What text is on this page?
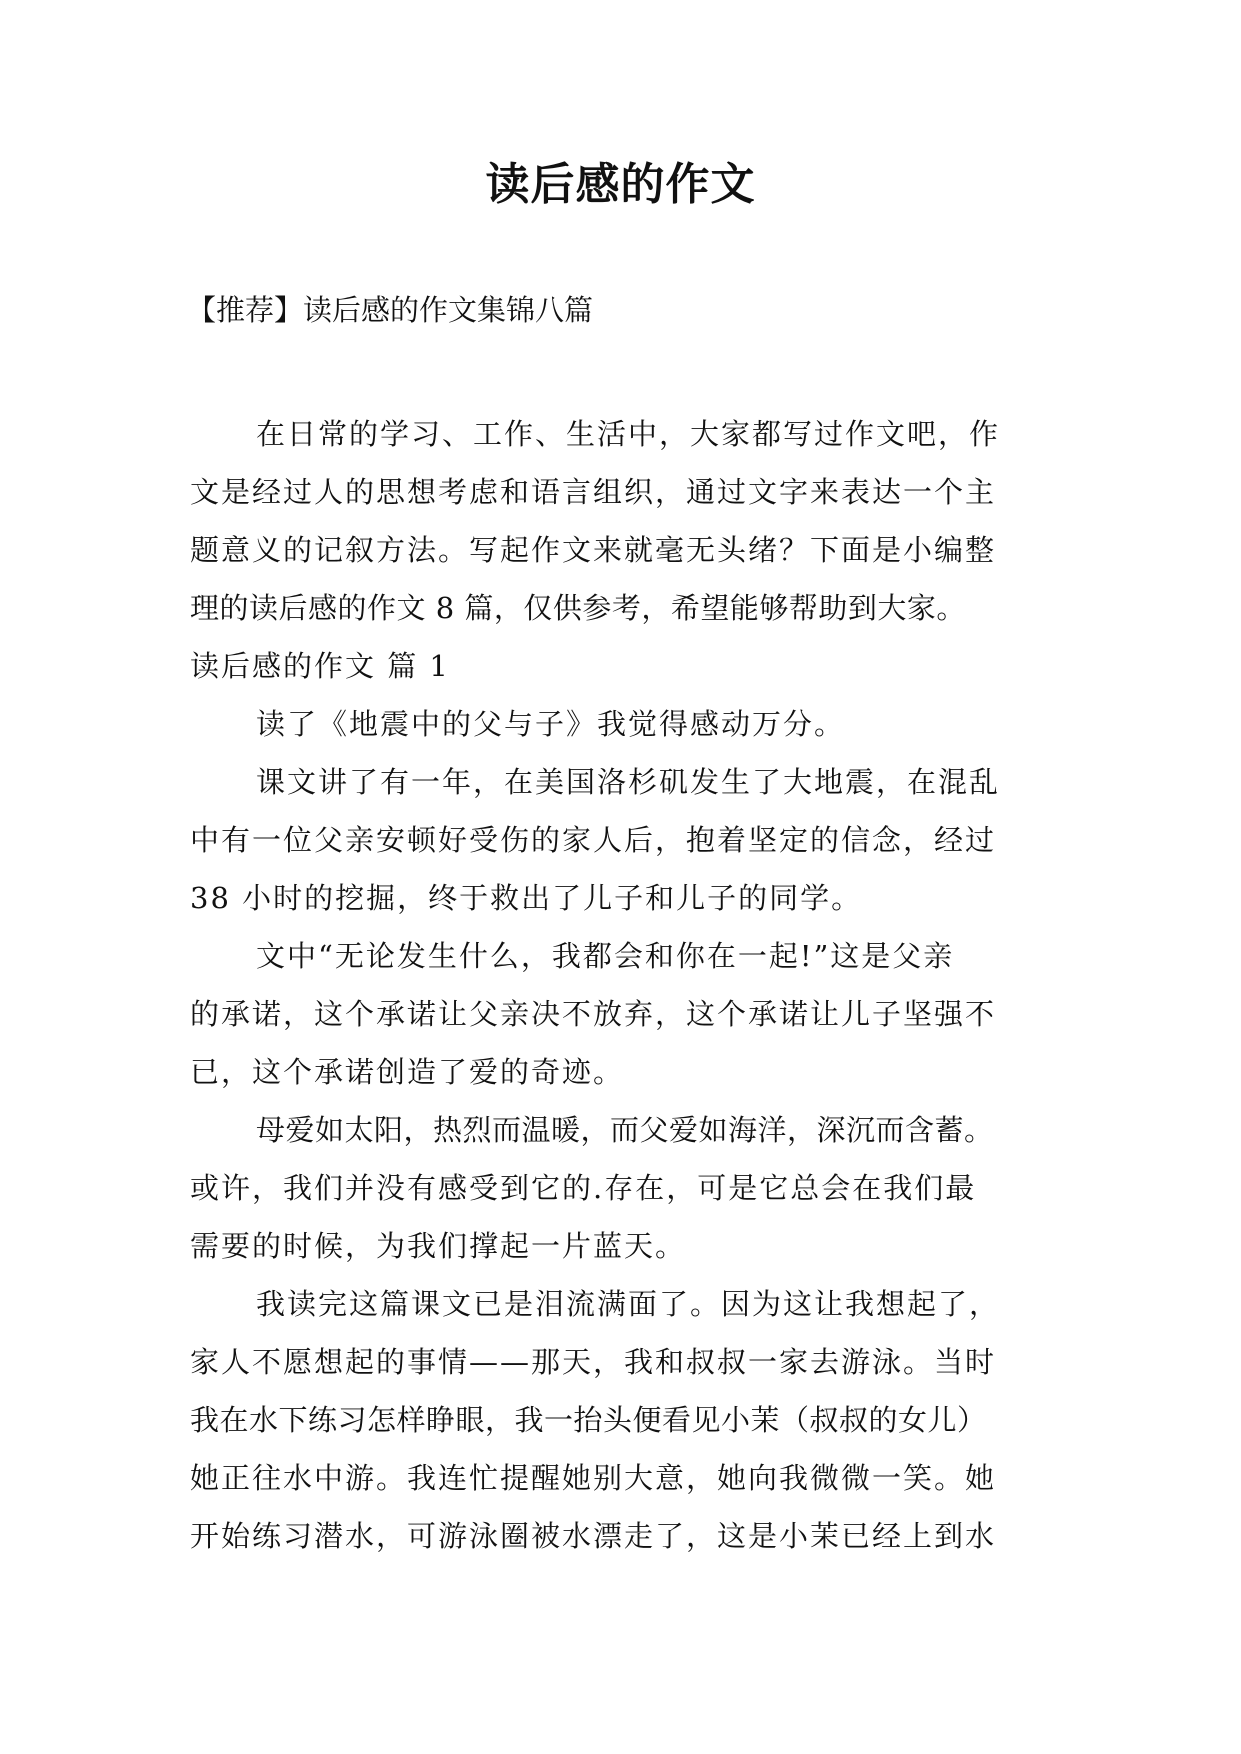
读后感的作文
【推荐】读后感的作文集锦八篇
在日常的学习、工作、生活中，大家都写过作文吧，作
文是经过人的思想考虑和语言组织，通过文字来表达一个主
题意义的记叙方法。写起作文来就毫无头绪？下面是小编整
理的读后感的作文 8 篇，仅供参考，希望能够帮助到大家。
读后感的作文 篇 1
读了《地震中的父与子》我觉得感动万分。
课文讲了有一年，在美国洛杉矶发生了大地震，在混乱
中有一位父亲安顿好受伤的家人后，抱着坚定的信念，经过
38 小时的挖掘，终于救出了儿子和儿子的同学。
文中“无论发生什么，我都会和你在一起!”这是父亲
的承诺，这个承诺让父亲决不放弃，这个承诺让儿子坚强不
已，这个承诺创造了爱的奇迹。
母爱如太阳，热烈而温暖，而父爱如海洋，深沉而含蓄。
或许，我们并没有感受到它的.存在，可是它总会在我们最
需要的时候，为我们撑起一片蓝天。
我读完这篇课文已是泪流满面了。因为这让我想起了，
家人不愿想起的事情——那天，我和叔叔一家去游泳。当时
我在水下练习怎样睁眼，我一抬头便看见小茉（叔叔的女儿）
她正往水中游。我连忙提醒她别大意，她向我微微一笑。她
开始练习潜水，可游泳圈被水漂走了，这是小茉已经上到水
